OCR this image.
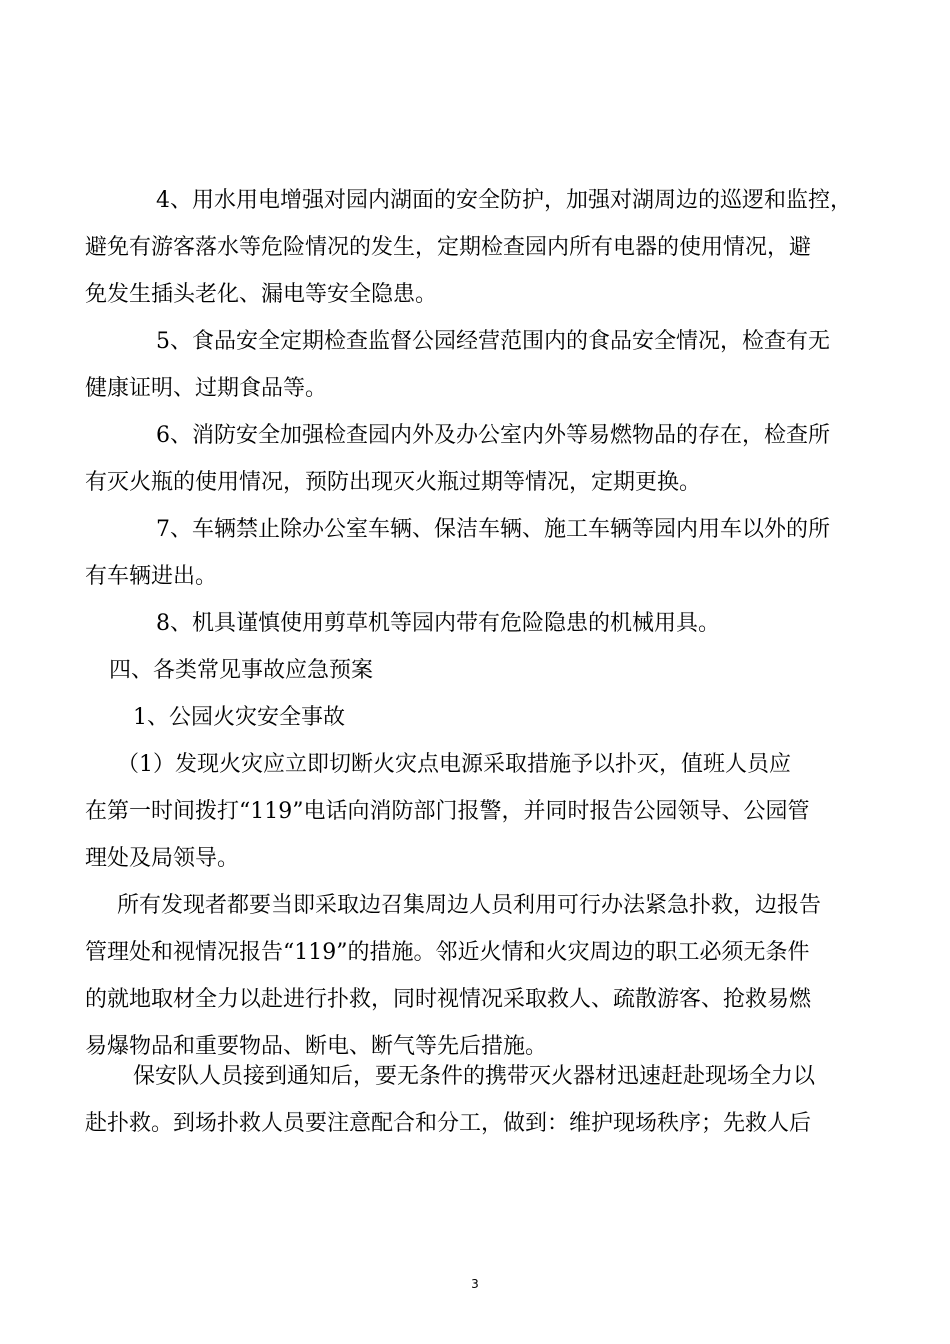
4、用水用电增强对园内湖面的安全防护，加强对湖周边的巡逻和监控，

避免有游客落水等危险情况的发生，定期检查园内所有电器的使用情况，避

免发生插头老化、漏电等安全隐患。

5、食品安全定期检查监督公园经营范围内的食品安全情况，检查有无

健康证明、过期食品等。

6、消防安全加强检查园内外及办公室内外等易燃物品的存在，检查所

有灭火瓶的使用情况，预防出现灭火瓶过期等情况，定期更换。

7、车辆禁止除办公室车辆、保洁车辆、施工车辆等园内用车以外的所

有车辆进出。

8、机具谨慎使用剪草机等园内带有危险隐患的机械用具。

四、各类常见事故应急预案

1、公园火灾安全事故

（1）发现火灾应立即切断火灾点电源采取措施予以扑灭，值班人员应

在第一时间拨打“119”电话向消防部门报警，并同时报告公园领导、公园管

理处及局领导。

所有发现者都要当即采取边召集周边人员利用可行办法紧急扑救，边报告

管理处和视情况报告“119”的措施。邻近火情和火灾周边的职工必须无条件

的就地取材全力以赴进行扑救，同时视情况采取救人、疏散游客、抢救易燃

易爆物品和重要物品、断电、断气等先后措施。

保安队人员接到通知后，要无条件的携带灭火器材迅速赶赴现场全力以

赴扑救。到场扑救人员要注意配合和分工，做到：维护现场秩序；先救人后

3
